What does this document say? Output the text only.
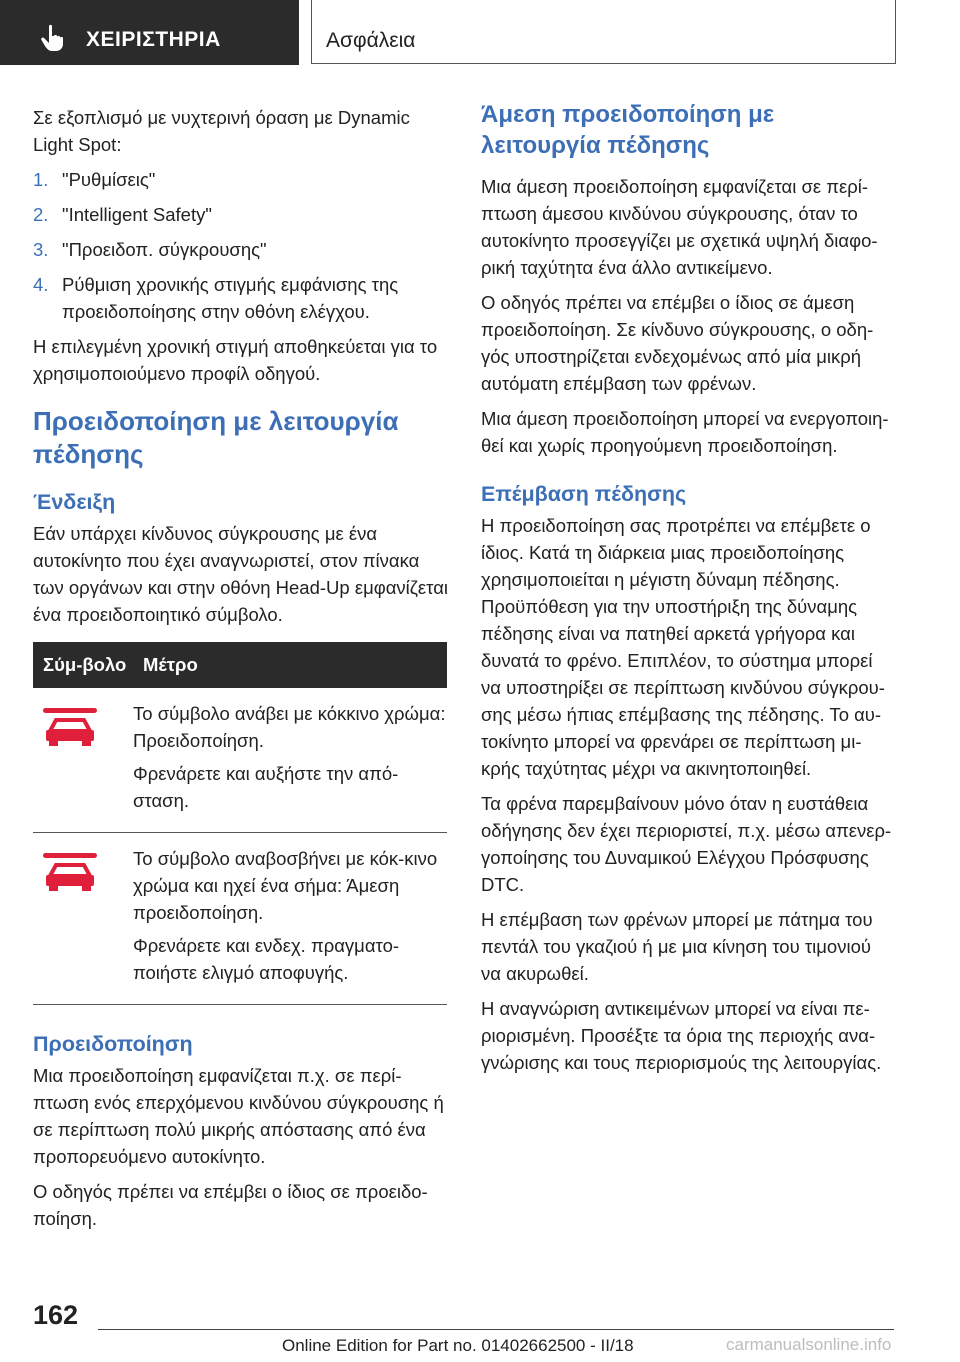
ΧΕΙΡΙΣΤΗΡΙΑ	Ασφάλεια

Σε εξοπλισμό με νυχτερινή όραση με Dynamic Light Spot:

1. "Ρυθμίσεις"
2. "Intelligent Safety"
3. "Προειδοπ. σύγκρουσης"
4. Ρύθμιση χρονικής στιγμής εμφάνισης της προειδοποίησης στην οθόνη ελέγχου.

Η επιλεγμένη χρονική στιγμή αποθηκεύεται για το χρησιμοποιούμενο προφίλ οδηγού.

Προειδοποίηση με λειτουργία πέδησης
Ένδειξη

Εάν υπάρχει κίνδυνος σύγκρουσης με ένα αυτοκίνητο που έχει αναγνωριστεί, στον πίνακα των οργάνων και στην οθόνη Head-Up εμφανίζεται ένα προειδοποιητικό σύμβολο.

Σύμ-βολο	Μέτρο

Το σύμβολο ανάβει με κόκκινο χρώμα: Προειδοποίηση.

Φρενάρετε και αυξήστε την από-σταση.

Το σύμβολο αναβοσβήνει με κόκ-κινο χρώμα και ηχεί ένα σήμα: Άμεση προειδοποίηση.

Φρενάρετε και ενδεχ. πραγματο-ποιήστε ελιγμό αποφυγής.

Προειδοποίηση

Μια προειδοποίηση εμφανίζεται π.χ. σε περί-πτωση ενός επερχόμενου κινδύνου σύγκρουσης ή σε περίπτωση πολύ μικρής απόστασης από ένα προπορευόμενο αυτοκίνητο.

Ο οδηγός πρέπει να επέμβει ο ίδιος σε προειδο-ποίηση.

Άμεση προειδοποίηση με λειτουργία πέδησης

Μια άμεση προειδοποίηση εμφανίζεται σε περί-πτωση άμεσου κινδύνου σύγκρουσης, όταν το αυτοκίνητο προσεγγίζει με σχετικά υψηλή διαφο-ρική ταχύτητα ένα άλλο αντικείμενο.

Ο οδηγός πρέπει να επέμβει ο ίδιος σε άμεση προειδοποίηση. Σε κίνδυνο σύγκρουσης, ο οδη-γός υποστηρίζεται ενδεχομένως από μία μικρή αυτόματη επέμβαση των φρένων.

Μια άμεση προειδοποίηση μπορεί να ενεργοποιη-θεί και χωρίς προηγούμενη προειδοποίηση.

Επέμβαση πέδησης

Η προειδοποίηση σας προτρέπει να επέμβετε ο ίδιος. Κατά τη διάρκεια μιας προειδοποίησης χρησιμοποιείται η μέγιστη δύναμη πέδησης. Προϋπόθεση για την υποστήριξη της δύναμης πέδησης είναι να πατηθεί αρκετά γρήγορα και δυνατά το φρένο. Επιπλέον, το σύστημα μπορεί να υποστηρίξει σε περίπτωση κινδύνου σύγκρου-σης μέσω ήπιας επέμβασης της πέδησης. Το αυ-τοκίνητο μπορεί να φρενάρει σε περίπτωση μι-κρής ταχύτητας μέχρι να ακινητοποιηθεί.

Τα φρένα παρεμβαίνουν μόνο όταν η ευστάθεια οδήγησης δεν έχει περιοριστεί, π.χ. μέσω απενερ-γοποίησης του Δυναμικού Ελέγχου Πρόσφυσης DTC.

Η επέμβαση των φρένων μπορεί με πάτημα του πεντάλ του γκαζιού ή με μια κίνηση του τιμονιού να ακυρωθεί.

Η αναγνώριση αντικειμένων μπορεί να είναι πε-ριορισμένη. Προσέξτε τα όρια της περιοχής ανα-γνώρισης και τους περιορισμούς της λειτουργίας.

162
Online Edition for Part no. 01402662500 - II/18	carmanualsonline.info
